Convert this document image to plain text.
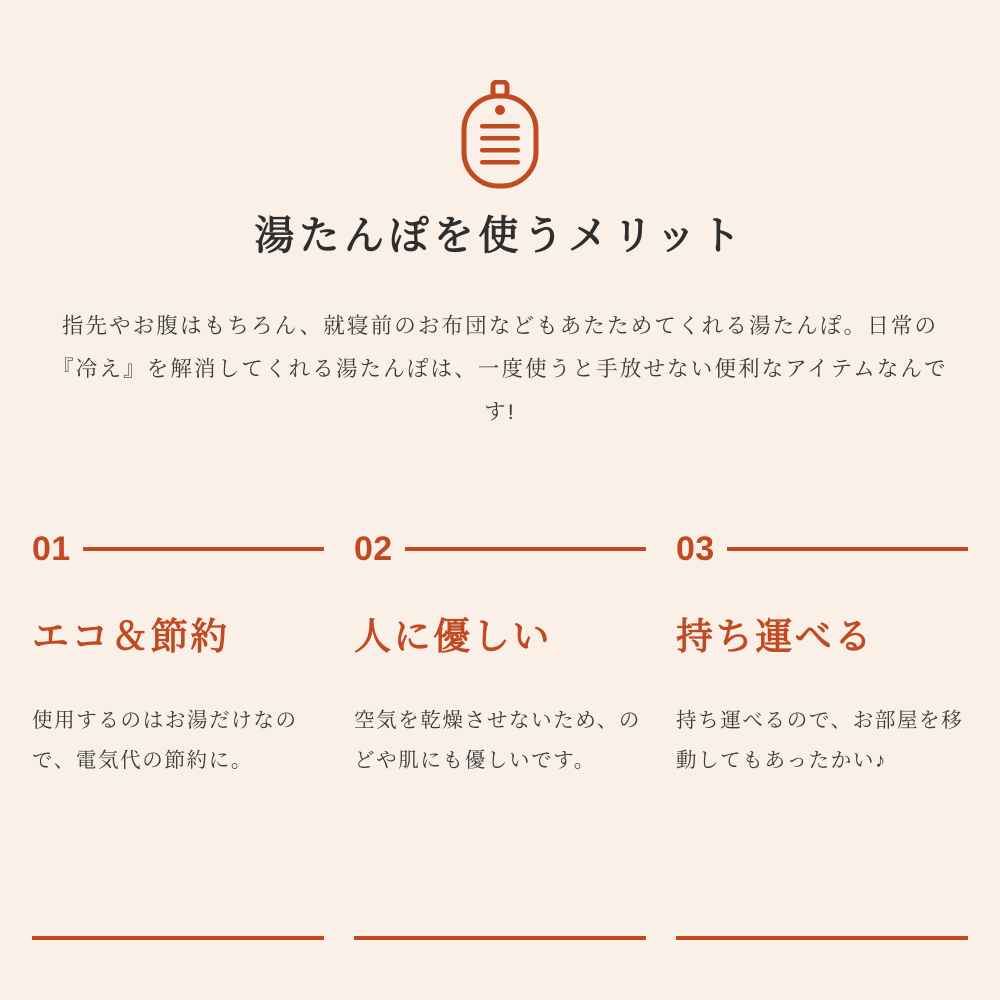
湯たんぽを使うメリット
指先やお腹はもちろん、就寝前のお布団などもあたためてくれる湯たんぽ。日常の『冷え』を解消してくれる湯たんぽは、一度使うと手放せない便利なアイテムなんです!
01
エコ＆節約
使用するのはお湯だけなので、電気代の節約に。
02
人に優しい
空気を乾燥させないため、のどや肌にも優しいです。
03
持ち運べる
持ち運べるので、お部屋を移動してもあったかい♪
